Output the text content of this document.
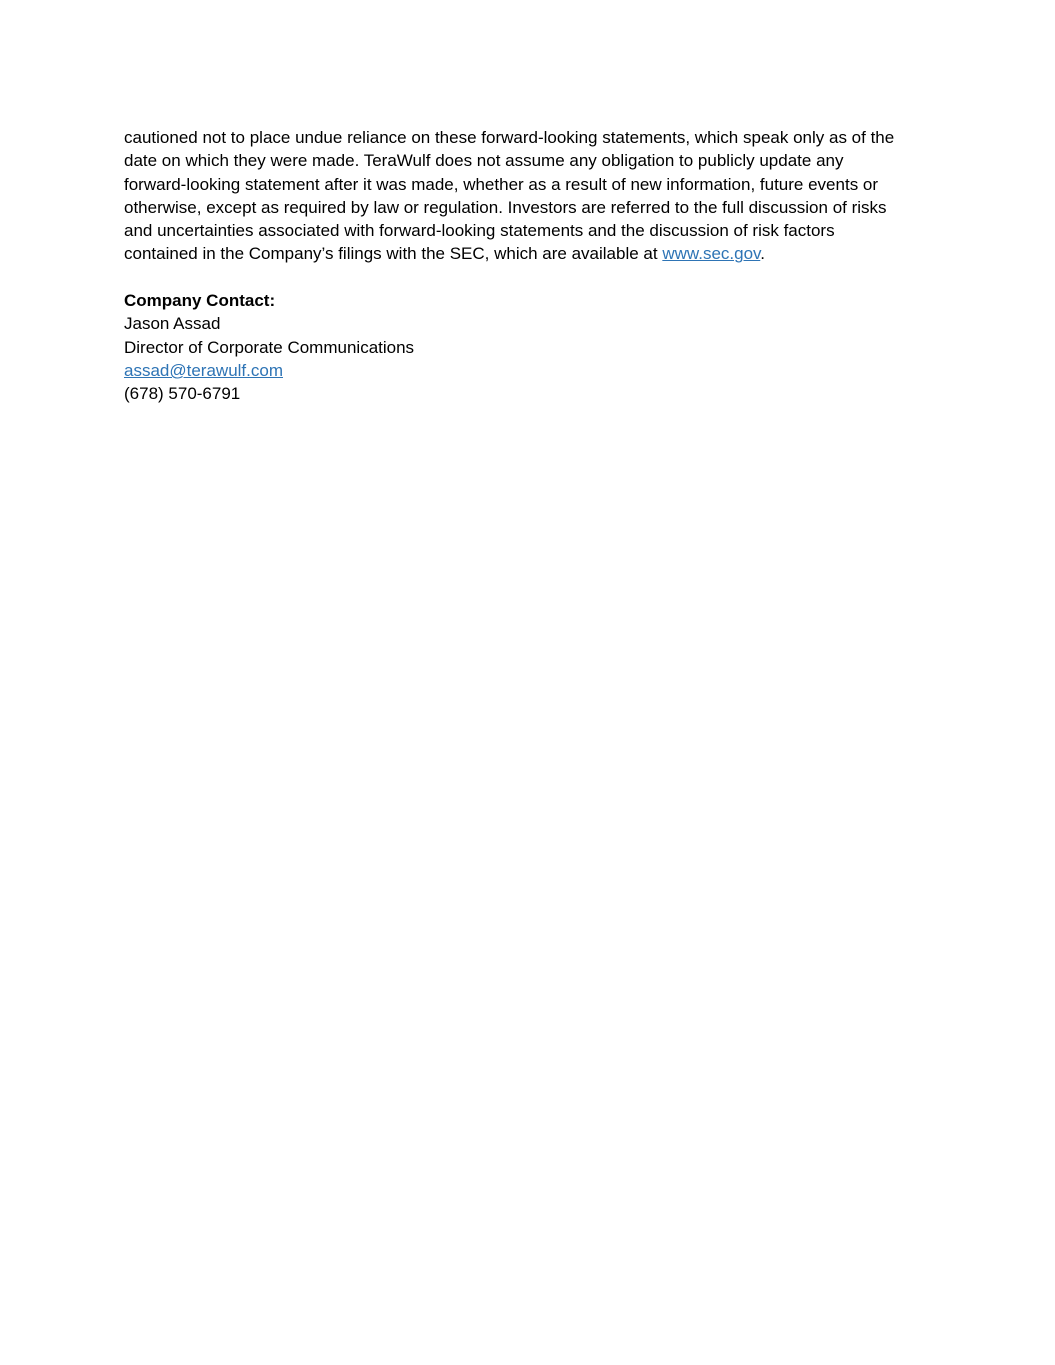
cautioned not to place undue reliance on these forward-looking statements, which speak only as of the
date on which they were made. TeraWulf does not assume any obligation to publicly update any
forward-looking statement after it was made, whether as a result of new information, future events or
otherwise, except as required by law or regulation. Investors are referred to the full discussion of risks
and uncertainties associated with forward-looking statements and the discussion of risk factors
contained in the Company’s filings with the SEC, which are available at www.sec.gov.
Company Contact:
Jason Assad
Director of Corporate Communications
assad@terawulf.com
(678) 570-6791
